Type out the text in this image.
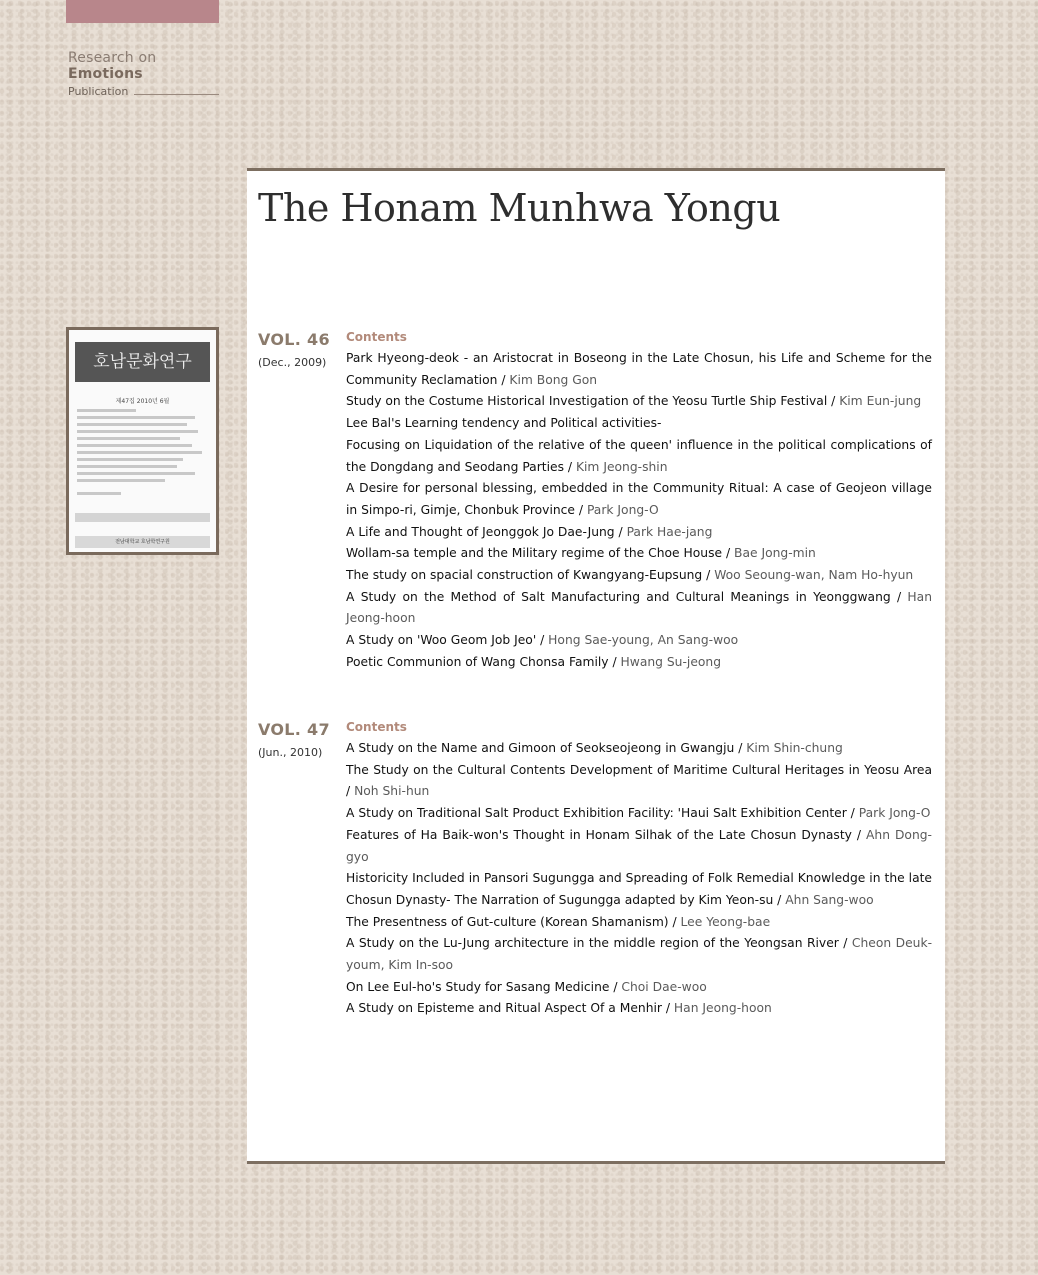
Research on Emotions
Publication
호남문화연구
제47집 2010년 6월
전남대학교 호남학연구원
The Honam Munhwa Yongu
VOL. 46
(Dec., 2009)
Contents
Park Hyeong-deok - an Aristocrat in Boseong in the Late Chosun, his Life and Scheme for the Community Reclamation / Kim Bong Gon
Study on the Costume Historical Investigation of the Yeosu Turtle Ship Festival / Kim Eun-jung
Lee Bal's Learning tendency and Political activities-
Focusing on Liquidation of the relative of the queen' influence in the political complications of the Dongdang and Seodang Parties / Kim Jeong-shin
A Desire for personal blessing, embedded in the Community Ritual: A case of Geojeon village in Simpo-ri, Gimje, Chonbuk Province / Park Jong-O
A Life and Thought of Jeonggok Jo Dae-Jung / Park Hae-jang
Wollam-sa temple and the Military regime of the Choe House / Bae Jong-min
The study on spacial construction of Kwangyang-Eupsung / Woo Seoung-wan, Nam Ho-hyun
A Study on the Method of Salt Manufacturing and Cultural Meanings in Yeonggwang / Han Jeong-hoon
A Study on 'Woo Geom Job Jeo' / Hong Sae-young, An Sang-woo
Poetic Communion of Wang Chonsa Family / Hwang Su-jeong
VOL. 47
(Jun., 2010)
Contents
A Study on the Name and Gimoon of Seokseojeong in Gwangju / Kim Shin-chung
The Study on the Cultural Contents Development of Maritime Cultural Heritages in Yeosu Area / Noh Shi-hun
A Study on Traditional Salt Product Exhibition Facility: 'Haui Salt Exhibition Center / Park Jong-O
Features of Ha Baik-won's Thought in Honam Silhak of the Late Chosun Dynasty / Ahn Dong-gyo
Historicity Included in Pansori Sugungga and Spreading of Folk Remedial Knowledge in the late Chosun Dynasty- The Narration of Sugungga adapted by Kim Yeon-su / Ahn Sang-woo
The Presentness of Gut-culture (Korean Shamanism) / Lee Yeong-bae
A Study on the Lu-Jung architecture in the middle region of the Yeongsan River / Cheon Deuk-youm, Kim In-soo
On Lee Eul-ho's Study for Sasang Medicine / Choi Dae-woo
A Study on Episteme and Ritual Aspect Of a Menhir / Han Jeong-hoon
